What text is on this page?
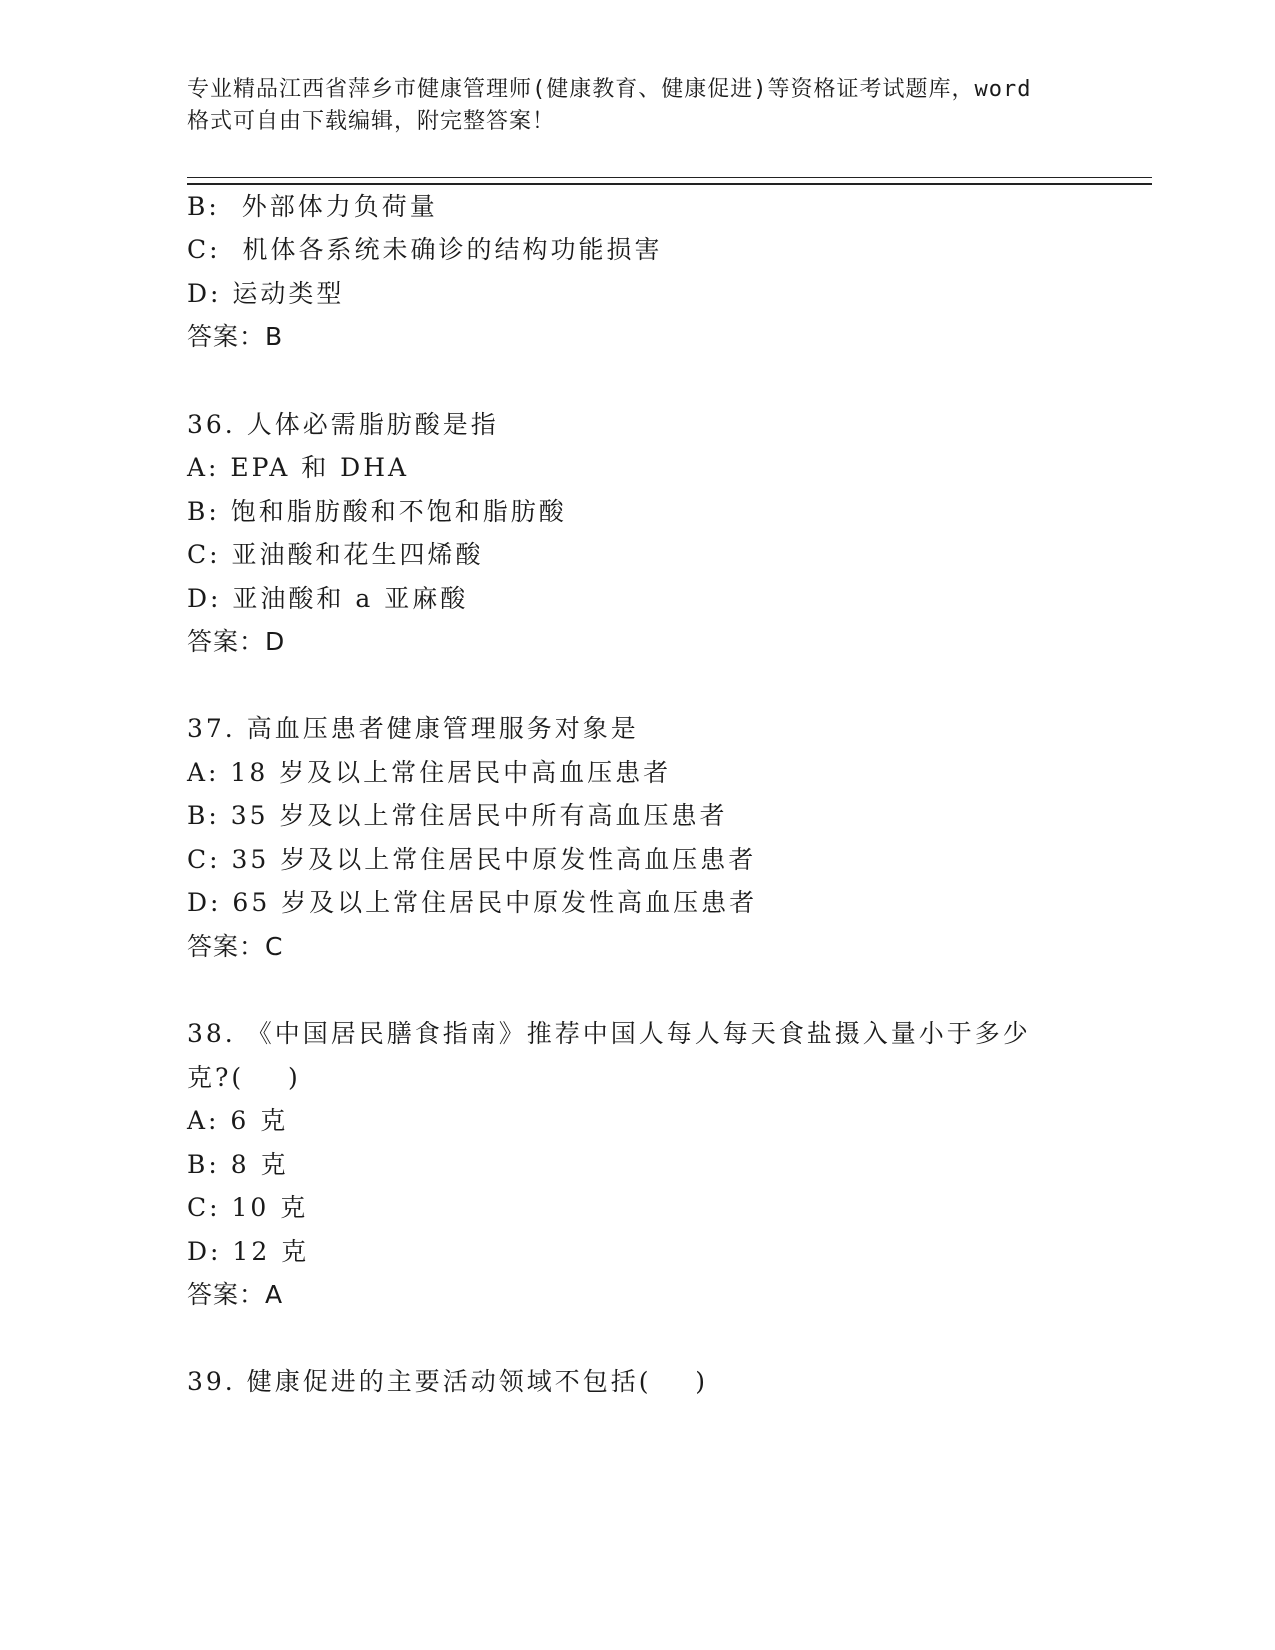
专业精品江西省萍乡市健康管理师(健康教育、健康促进)等资格证考试题库，word
格式可自由下载编辑，附完整答案！
B:  外部体力负荷量
C:  机体各系统未确诊的结构功能损害
D: 运动类型
答案：B
36. 人体必需脂肪酸是指
A: EPA 和 DHA
B: 饱和脂肪酸和不饱和脂肪酸
C: 亚油酸和花生四烯酸
D: 亚油酸和 a 亚麻酸
答案：D
37. 高血压患者健康管理服务对象是
A: 18 岁及以上常住居民中高血压患者
B: 35 岁及以上常住居民中所有高血压患者
C: 35 岁及以上常住居民中原发性高血压患者
D: 65 岁及以上常住居民中原发性高血压患者
答案：C
38. 《中国居民膳食指南》推荐中国人每人每天食盐摄入量小于多少
克?(    )
A: 6 克
B: 8 克
C: 10 克
D: 12 克
答案：A
39. 健康促进的主要活动领域不包括(    )
